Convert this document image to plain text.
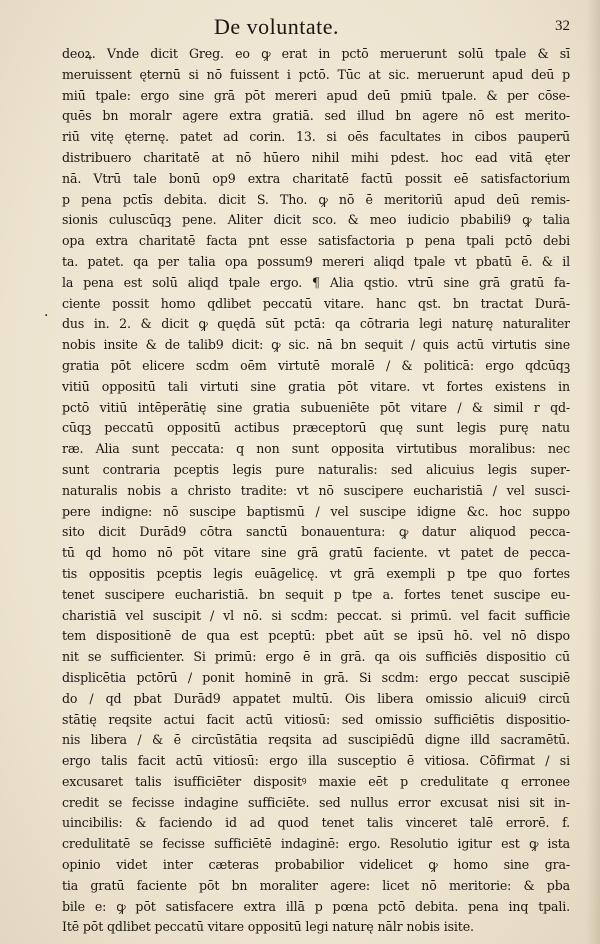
De voluntate.	32
·
deoꝝ. Vnde dicit Greg. eo ꝙ erat in pctō meruerunt solū tpale & sī
meruissent ęternū si nō fuissent i pctō. Tūc at sic. meruerunt apud deū p
miū tpale: ergo sine grā pōt mereri apud deū pmiū tpale. & per cōse-
quēs bn moralr agere extra gratiā. sed illud bn agere nō est merito-
riū vitę ęternę. patet ad corin. 13. si oēs facultates in cibos pauperū
distribuero charitatē at nō hūero nihil mihi pdest. hoc ead vitā ęter
nā. Vtrū tale bonū op9 extra charitatē factū possit eē satisfactorium
p pena pctīs debita. dicit S. Tho. ꝙ nō ē meritoriū apud deū remis-
sionis culuscūqꝫ pene. Aliter dicit sco. & meo iudicio pbabili9 ꝙ talia
opa extra charitatē facta pnt esse satisfactoria p pena tpali pctō debi
ta. patet. qa per talia opa possum9 mereri aliqd tpale vt pbatū ē. & il
la pena est solū aliqd tpale ergo. ¶ Alia qstio. vtrū sine grā gratū fa-
ciente possit homo qdlibet peccatū vitare. hanc qst. bn tractat Durā-
dus in. 2. & dicit ꝙ quędā sūt pctā: qa cōtraria legi naturę naturaliter
nobis insite & de talib9 dicit: ꝙ sic. nā bn sequit / quis actū virtutis sine
gratia pōt elicere scdm oēm virtutē moralē / & politicā: ergo qdcūqꝫ
vitiū oppositū tali virtuti sine gratia pōt vitare. vt fortes existens in
pctō vitiū intēperātię sine gratia subueniēte pōt vitare / & simil r qd-
cūqꝫ peccatū oppositū actibus præceptorū quę sunt legis purę natu
ræ. Alia sunt peccata: q non sunt opposita virtutibus moralibus: nec
sunt contraria pceptis legis pure naturalis: sed alicuius legis super-
naturalis nobis a christo tradite: vt nō suscipere eucharistiā / vel susci-
pere indigne: nō suscipe baptismū / vel suscipe idigne &c. hoc suppo
sito dicit Durād9 cōtra sanctū bonauentura: ꝙ datur aliquod pecca-
tū qd homo nō pōt vitare sine grā gratū faciente. vt patet de pecca-
tis oppositis pceptis legis euāgelicę. vt grā exempli p tpe quo fortes
tenet suscipere eucharistiā. bn sequit p tpe a. fortes tenet suscipe eu-
charistiā vel suscipit / vl nō. si scdm: peccat. si primū. vel facit sufficie
tem dispositionē de qua est pceptū: pbet aūt se ipsū hō. vel nō dispo
nit se sufficienter. Si primū: ergo ē in grā. qa ois sufficiēs dispositio cū
displicētia pctōrū / ponit hominē in grā. Si scdm: ergo peccat suscipiē
do / qd pbat Durād9 appatet multū. Ois libera omissio alicui9 circū
stātię reqsite actui facit actū vitiosū: sed omissio sufficiētis dispositio-
nis libera / & ē circūstātia reqsita ad suscipiēdū digne illd sacramētū.
ergo talis facit actū vitiosū: ergo illa susceptio ē vitiosa. Cōfirmat / si
excusaret talis isufficiēter dispositꝰ maxie eēt p credulitate q erronee
credit se fecisse indagine sufficiēte. sed nullus error excusat nisi sit in-
uincibilis: & faciendo id ad quod tenet talis vinceret talē errorē. f.
credulitatē se fecisse sufficiētē indaginē: ergo. Resolutio igitur est ꝙ ista
opinio videt inter cæteras probabilior videlicet ꝙ homo sine gra-
tia gratū faciente pōt bn moraliter agere: licet nō meritorie: & pba
bile e: ꝙ pōt satisfacere extra illā p pœna pctō debita. pena inq tpali.
Itē pōt qdlibet peccatū vitare oppositū legi naturę nālr nobis isite.
